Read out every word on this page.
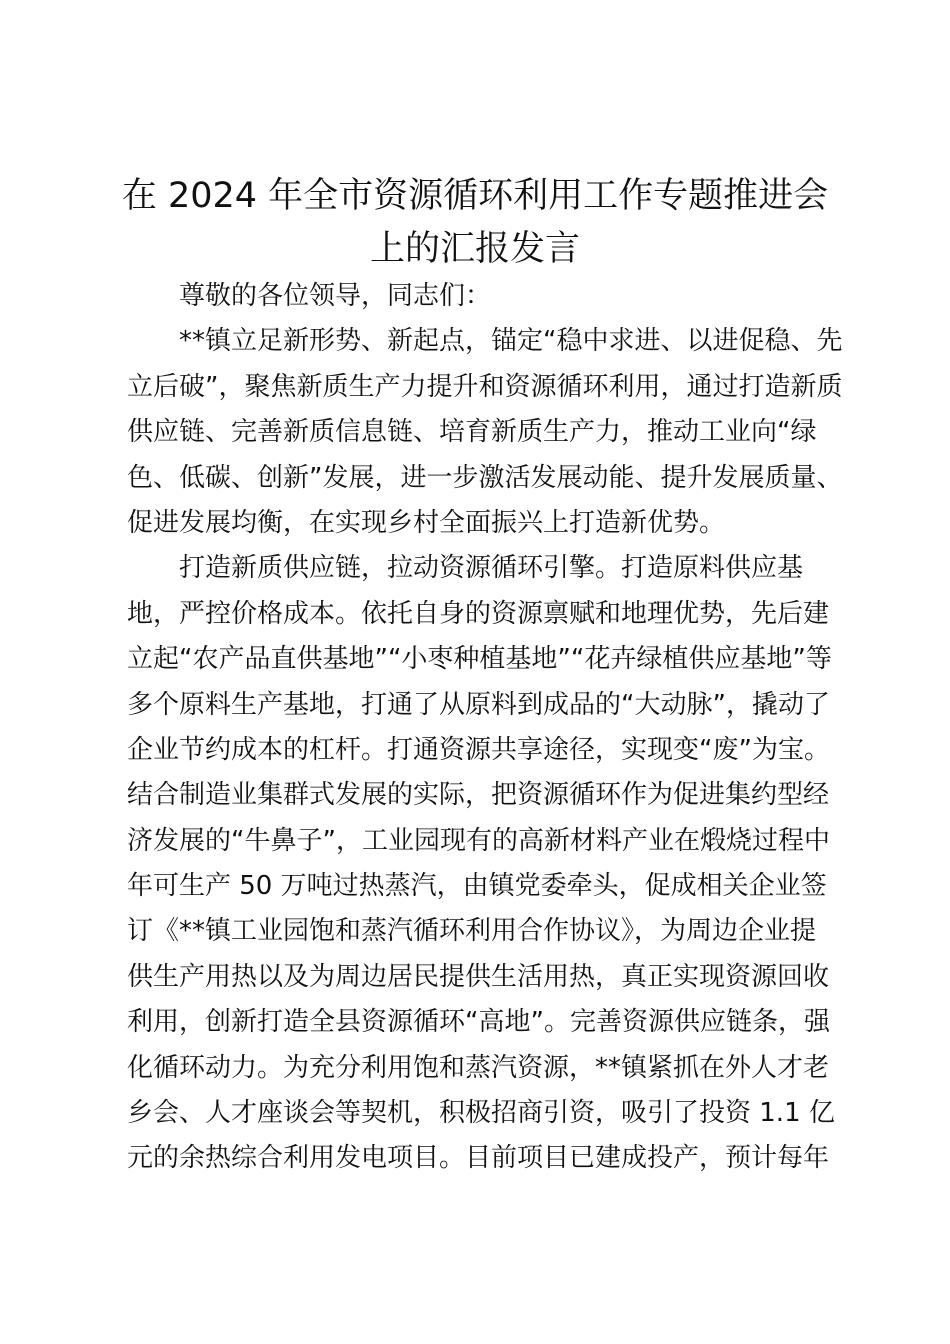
在 2024 年全市资源循环利用工作专题推进会
上的汇报发言
尊敬的各位领导，同志们：
**镇立足新形势、新起点，锚定“稳中求进、以进促稳、先
立后破”，聚焦新质生产力提升和资源循环利用，通过打造新质
供应链、完善新质信息链、培育新质生产力，推动工业向“绿
色、低碳、创新”发展，进一步激活发展动能、提升发展质量、
促进发展均衡，在实现乡村全面振兴上打造新优势。
打造新质供应链，拉动资源循环引擎。打造原料供应基
地，严控价格成本。依托自身的资源禀赋和地理优势，先后建
立起“农产品直供基地”“小枣种植基地”“花卉绿植供应基地”等
多个原料生产基地，打通了从原料到成品的“大动脉”，撬动了
企业节约成本的杠杆。打通资源共享途径，实现变“废”为宝。
结合制造业集群式发展的实际，把资源循环作为促进集约型经
济发展的“牛鼻子”，工业园现有的高新材料产业在煅烧过程中
年可生产 50 万吨过热蒸汽，由镇党委牵头，促成相关企业签
订《**镇工业园饱和蒸汽循环利用合作协议》，为周边企业提
供生产用热以及为周边居民提供生活用热，真正实现资源回收
利用，创新打造全县资源循环“高地”。完善资源供应链条，强
化循环动力。为充分利用饱和蒸汽资源，**镇紧抓在外人才老
乡会、人才座谈会等契机，积极招商引资，吸引了投资 1.1 亿
元的余热综合利用发电项目。目前项目已建成投产，预计每年
